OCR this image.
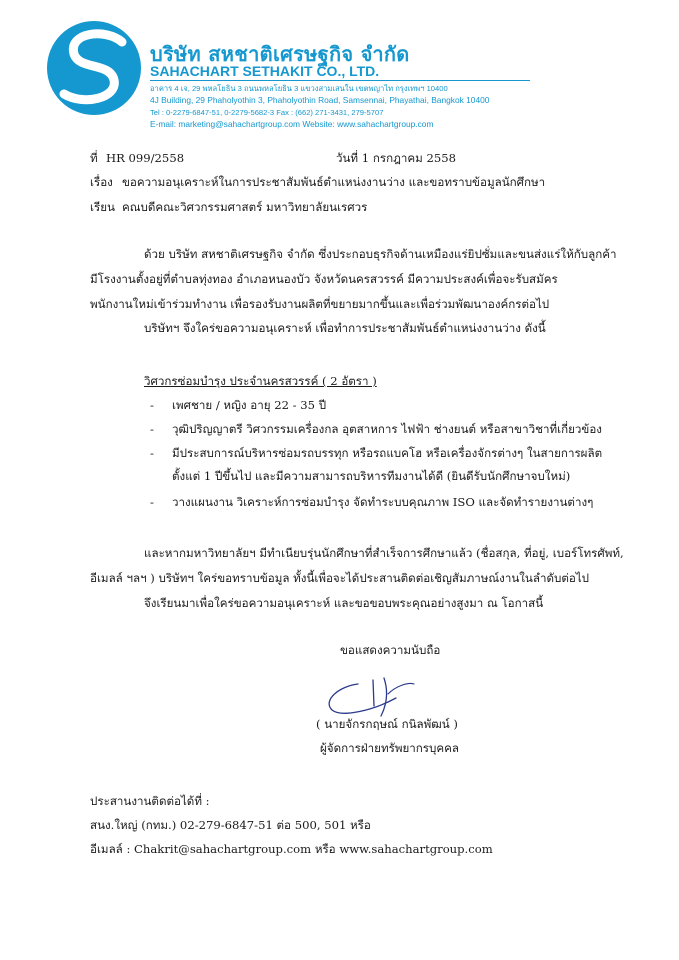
บริษัท สหชาติเศรษฐกิจ จำกัด
SAHACHART SETHAKIT CO., LTD.
อาคาร 4 เจ, 29 พหลโยธิน 3 ถนนพหลโยธิน 3 แขวงสามเสนใน เขตพญาไท กรุงเทพฯ 10400
4J Building, 29 Phaholyothin 3, Phaholyothin Road, Samsennai, Phayathai, Bangkok 10400
Tel : 0-2279-6847-51, 0-2279-5682-3 Fax : (662) 271-3431, 279-5707
E-mail: marketing@sahachartgroup.com Website: www.sahachartgroup.com
ที่ HR 099/2558	วันที่ 1 กรกฎาคม 2558
เรื่อง ขอความอนุเคราะห์ในการประชาสัมพันธ์ตำแหน่งงานว่าง และขอทราบข้อมูลนักศึกษา
เรียน คณบดีคณะวิศวกรรมศาสตร์ มหาวิทยาลัยนเรศวร
ด้วย บริษัท สหชาติเศรษฐกิจ จำกัด ซึ่งประกอบธุรกิจด้านเหมืองแร่ยิปซั่มและขนส่งแร่ให้กับลูกค้า
มีโรงงานตั้งอยู่ที่ตำบลทุ่งทอง อำเภอหนองบัว จังหวัดนครสวรรค์ มีความประสงค์เพื่อจะรับสมัคร
พนักงานใหม่เข้าร่วมทำงาน เพื่อรองรับงานผลิตที่ขยายมากขึ้นและเพื่อร่วมพัฒนาองค์กรต่อไป
บริษัทฯ จึงใคร่ขอความอนุเคราะห์ เพื่อทำการประชาสัมพันธ์ตำแหน่งงานว่าง ดังนี้
วิศวกรซ่อมบำรุง ประจำนครสวรรค์ ( 2 อัตรา )
- เพศชาย / หญิง อายุ 22 - 35 ปี
- วุฒิปริญญาตรี วิศวกรรมเครื่องกล อุตสาหการ ไฟฟ้า ช่างยนต์ หรือสาขาวิชาที่เกี่ยวข้อง
- มีประสบการณ์บริหารซ่อมรถบรรทุก หรือรถแบคโฮ หรือเครื่องจักรต่างๆ ในสายการผลิต
ตั้งแต่ 1 ปีขึ้นไป และมีความสามารถบริหารทีมงานได้ดี (ยินดีรับนักศึกษาจบใหม่)
- วางแผนงาน วิเคราะห์การซ่อมบำรุง จัดทำระบบคุณภาพ ISO และจัดทำรายงานต่างๆ
และหากมหาวิทยาลัยฯ มีทำเนียบรุ่นนักศึกษาที่สำเร็จการศึกษาแล้ว (ชื่อสกุล, ที่อยู่, เบอร์โทรศัพท์,
อีเมลล์ ฯลฯ ) บริษัทฯ ใคร่ขอทราบข้อมูล ทั้งนี้เพื่อจะได้ประสานติดต่อเชิญสัมภาษณ์งานในลำดับต่อไป
จึงเรียนมาเพื่อใคร่ขอความอนุเคราะห์ และขอขอบพระคุณอย่างสูงมา ณ โอกาสนี้
ขอแสดงความนับถือ
( นายจักรกฤษณ์ กนิลพัฒน์ )
ผู้จัดการฝ่ายทรัพยากรบุคคล
ประสานงานติดต่อได้ที่ :
สนง.ใหญ่ (กทม.) 02-279-6847-51 ต่อ 500, 501 หรือ
อีเมลล์ : Chakrit@sahachartgroup.com หรือ www.sahachartgroup.com
